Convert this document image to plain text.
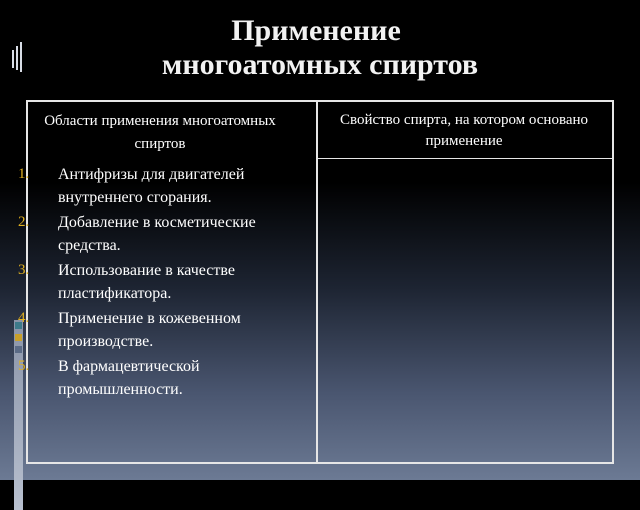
Применение
многоатомных спиртов
Области применения многоатомных спиртов
Свойство спирта, на котором основано применение
1. Антифризы для двигателей внутреннего сгорания.
2. Добавление в косметические средства.
3. Использование в качестве пластификатора.
4. Применение в кожевенном производстве.
5. В фармацевтической промышленности.
